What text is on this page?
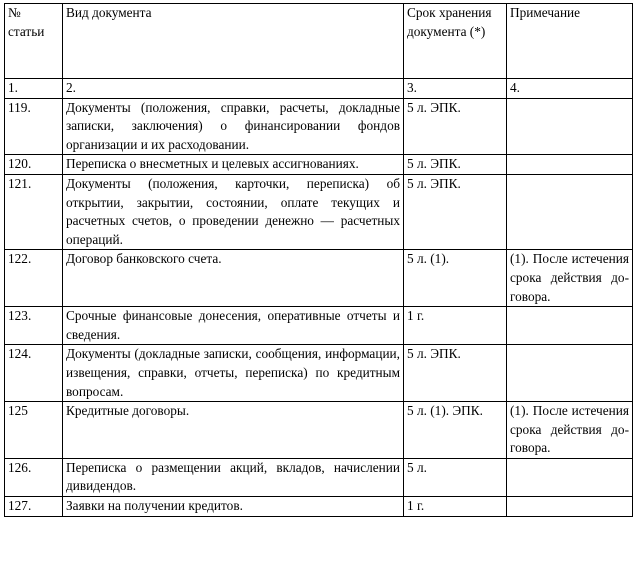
№ статьи	Вид документа	Срок хранения документа (*)	Примечание
1.	2.	3.	4.
119.	Документы (положения, справки, расчеты, докладные записки, заключения) о финансировании фондов организации и их расходовании.	5 л. ЭПК.	
120.	Переписка о внесметных и целевых ассигнованиях.	5 л. ЭПК.	
121.	Документы (положения, карточки, переписка) об открытии, закрытии, состоянии, оплате текущих и расчетных счетов, о проведении денежно — расчетных операций.	5 л. ЭПК.	
122.	Договор банковского счета.	5 л. (1).	(1). После истечения срока действия договора.
123.	Срочные финансовые донесения, оперативные отчеты и сведения.	1 г.	
124.	Документы (докладные записки, сообщения, информации, извещения, справки, отчеты, переписка) по кредитным вопросам.	5 л. ЭПК.	
125	Кредитные договоры.	5 л. (1). ЭПК.	(1). После истечения срока действия договора.
126.	Переписка о размещении акций, вкладов, начислении дивидендов.	5 л.	
127.	Заявки на получении кредитов.	1 г.	
